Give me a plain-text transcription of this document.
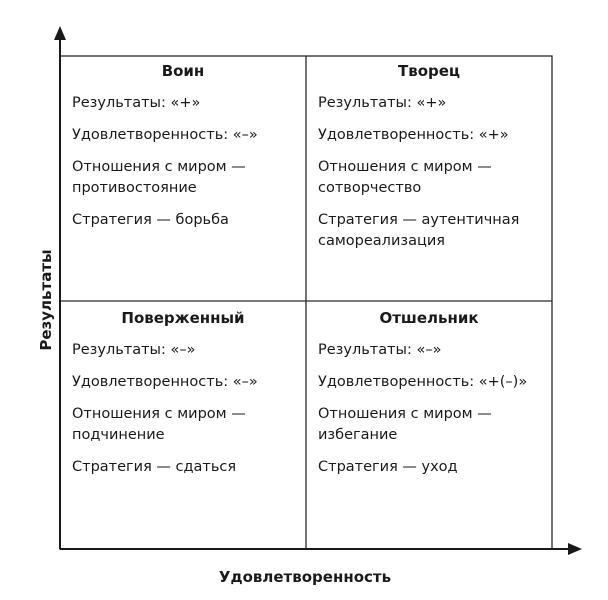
Результаты
Удовлетворенность
Воин
Результаты: «+»
Удовлетворенность: «–»
Отношения с миром — противостояние
Стратегия — борьба
Творец
Результаты: «+»
Удовлетворенность: «+»
Отношения с миром — сотворчество
Стратегия — аутентичная самореализация
Поверженный
Результаты: «–»
Удовлетворенность: «–»
Отношения с миром — подчинение
Стратегия — сдаться
Отшельник
Результаты: «–»
Удовлетворенность: «+(–)»
Отношения с миром — избегание
Стратегия — уход
